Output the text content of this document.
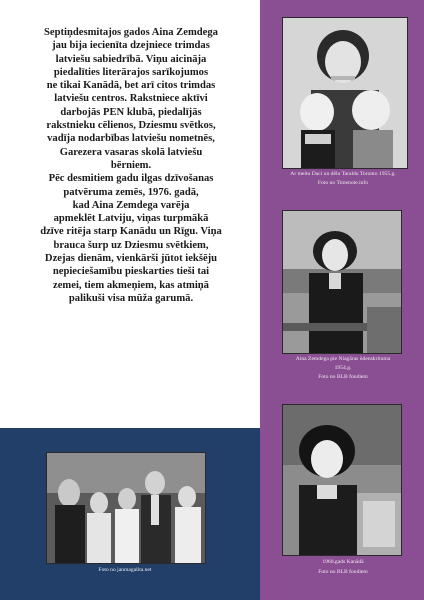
Septiņdesmitajos gados Aina Zemdega
jau bija iecienīta dzejniece trimdas
latviešu sabiedrībā. Viņu aicināja
piedalīties literārajos sarīkojumos
ne tikai Kanādā, bet arī citos trimdas
latviešu centros. Rakstniece aktīvi
darbojās PEN klubā, piedalījās
rakstnieku cēlienos, Dziesmu svētkos,
vadīja nodarbības latviešu nometnēs,
Garezera vasaras skolā latviešu
bērniem.
Pēc desmitiem gadu ilgas dzīvošanas
patvēruma zemēs, 1976. gadā,
kad Aina Zemdega varēja
apmeklēt Latviju, viņas turpmākā
dzīve ritēja starp Kanādu un Rīgu. Viņa
brauca šurp uz Dziesmu svētkiem,
Dzejas dienām, vienkārši jūtot iekšēju
nepieciešamību pieskarties tieši tai
zemei, tiem akmeņiem, kas atmiņā
palikuši visa mūža garumā.

Foto no janmagalita.net
Ar meitu Daci un dēlu Taraldu Toronto 1955.g.
Foto no Timenote.info
Aina Zemdega pie Niagāras ūdenskrituma
1954.g.
Foto no BLB fondiem
1960.gads Kanādā
Foto no BLB fondiem
